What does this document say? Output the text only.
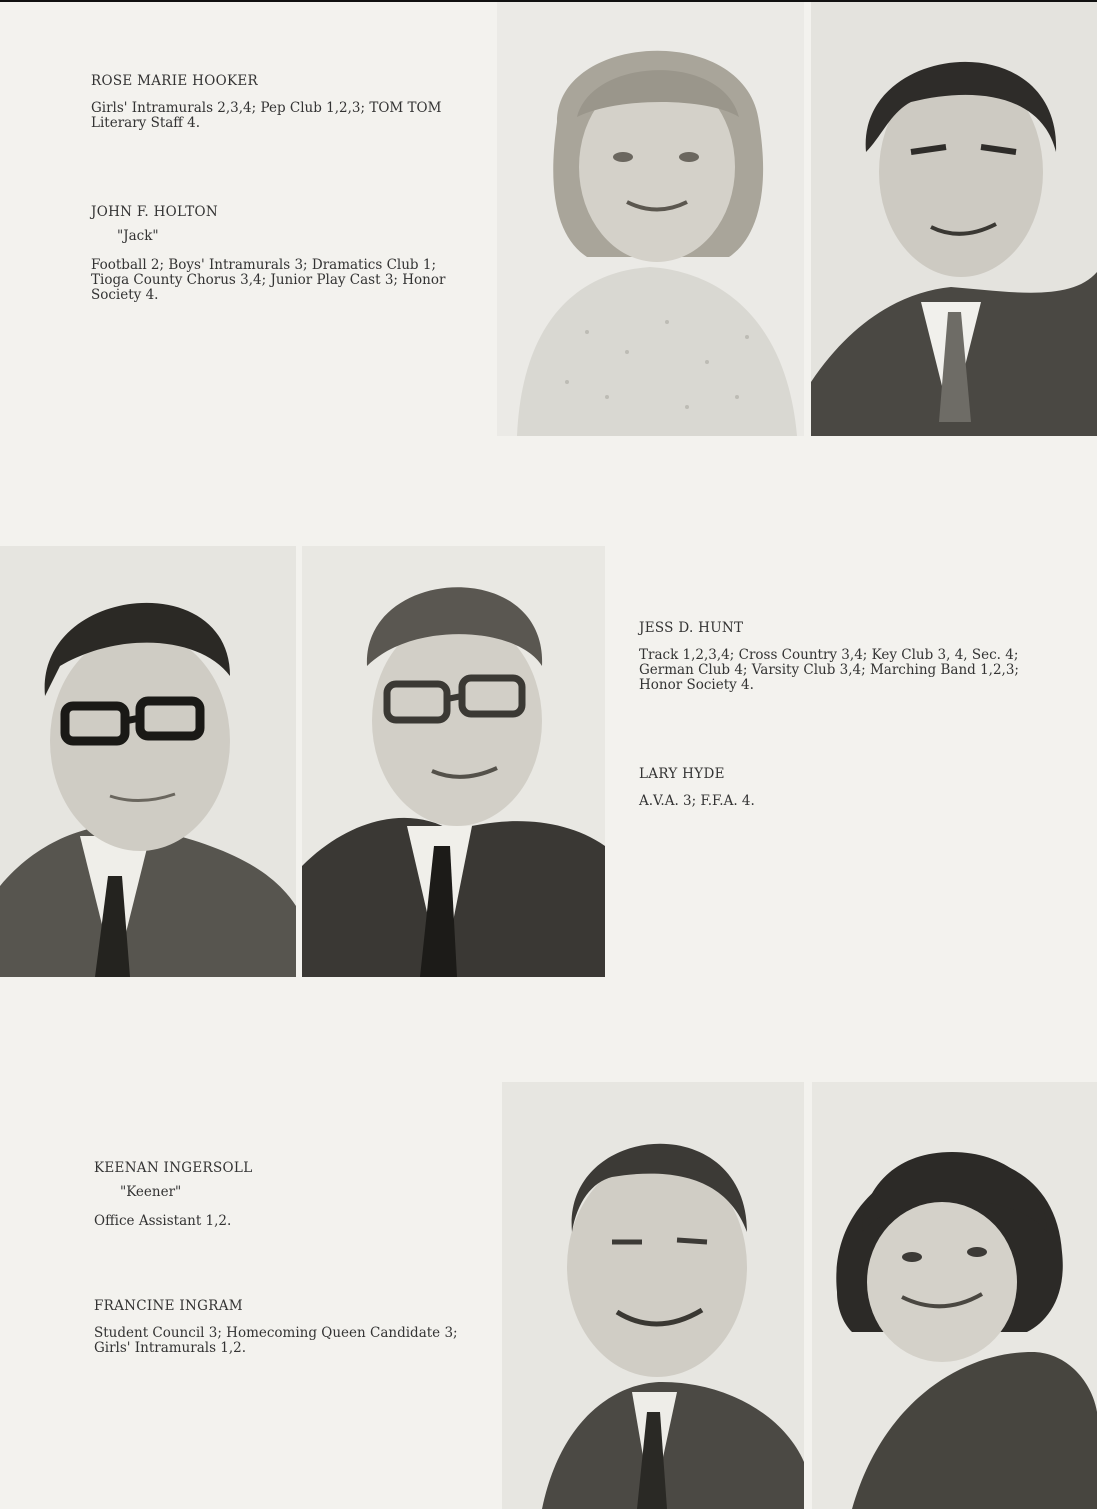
ROSE MARIE HOOKER

Girls' Intramurals 2,3,4; Pep Club 1,2,3; TOM TOM Literary Staff 4.

JOHN F. HOLTON

"Jack"

Football 2; Boys' Intramurals 3; Dramatics Club 1; Tioga County Chorus 3,4; Junior Play Cast 3; Honor Society 4.

JESS D. HUNT

Track 1,2,3,4; Cross Country 3,4; Key Club 3, 4, Sec. 4; German Club 4; Varsity Club 3,4; Marching Band 1,2,3; Honor Society 4.

LARY HYDE

A.V.A. 3; F.F.A. 4.

KEENAN INGERSOLL

"Keener"

Office Assistant 1,2.

FRANCINE INGRAM

Student Council 3; Homecoming Queen Candidate 3; Girls' Intramurals 1,2.
